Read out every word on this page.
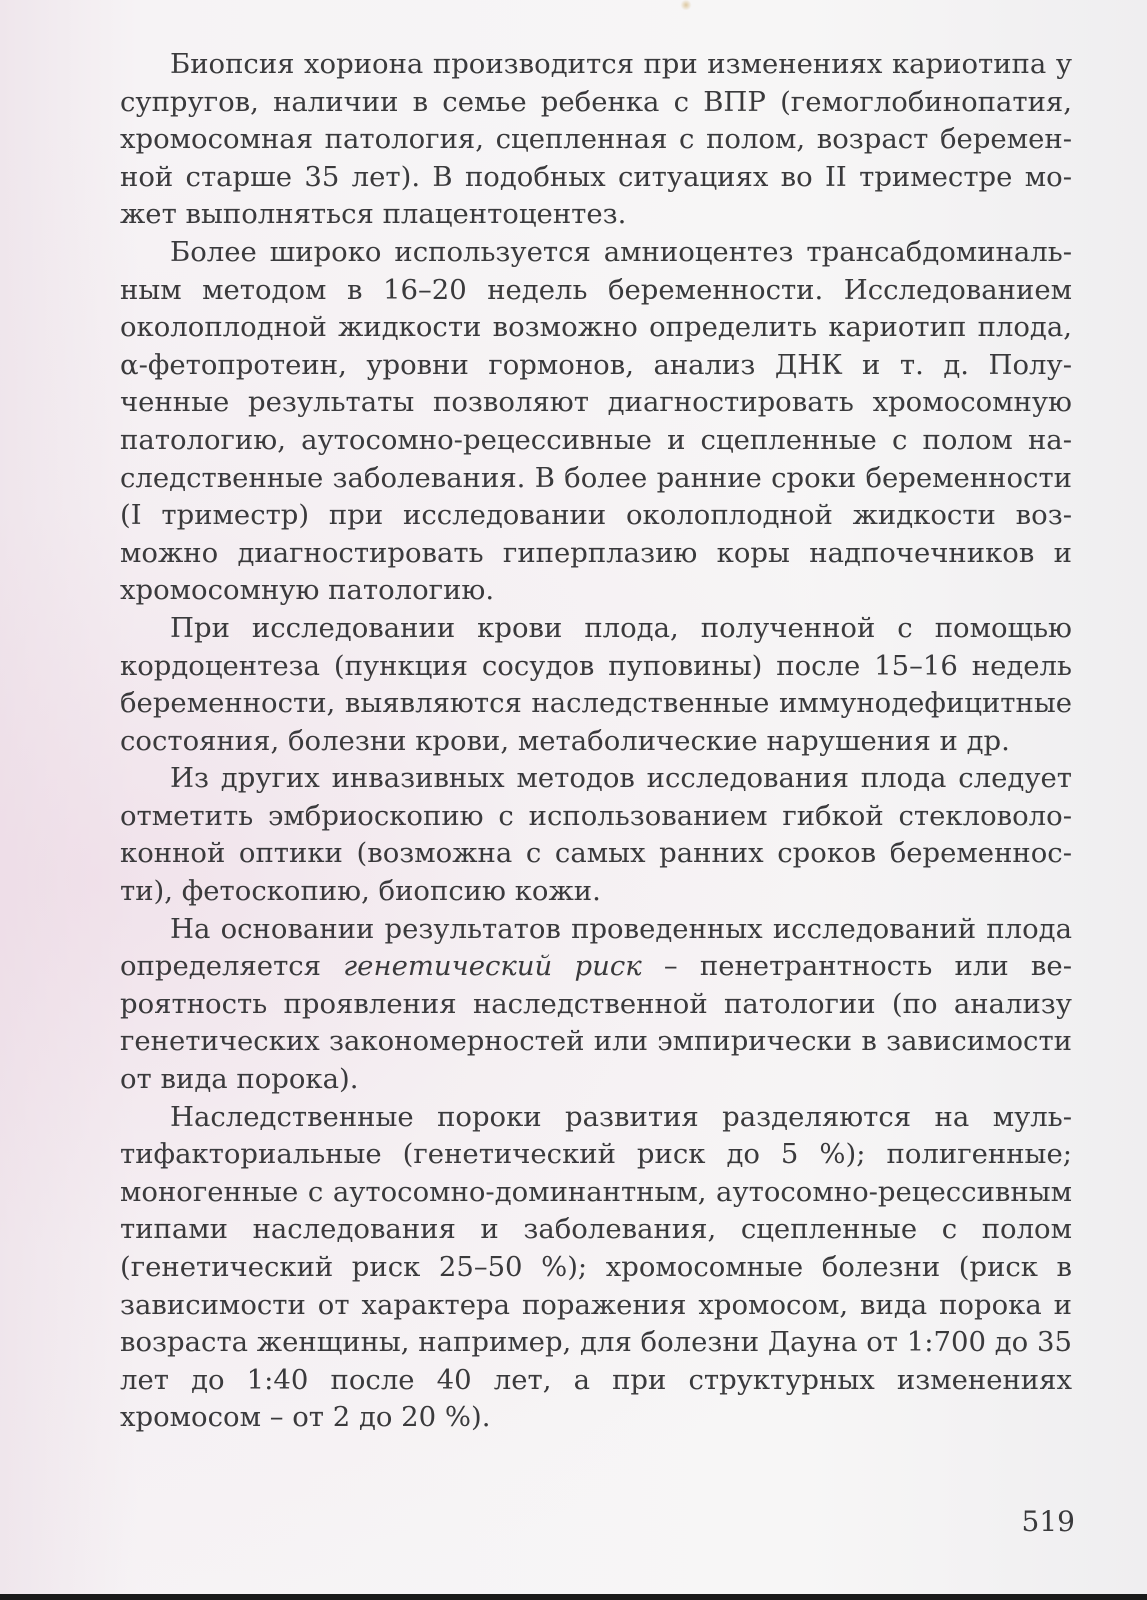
Биопсия хориона производится при изменениях кариотипа у супругов, наличии в семье ребенка с ВПР (гемоглобинопатия, хромосомная патология, сцепленная с полом, возраст беременной старше 35 лет). В подобных ситуациях во II триместре может выполняться плацентоцентез.

Более широко используется амниоцентез трансабдоминальным методом в 16–20 недель беременности. Исследованием околоплодной жидкости возможно определить кариотип плода, α-фетопротеин, уровни гормонов, анализ ДНК и т. д. Полученные результаты позволяют диагностировать хромосомную патологию, аутосомно-рецессивные и сцепленные с полом наследственные заболевания. В более ранние сроки беременности (I триместр) при исследовании околоплодной жидкости возможно диагностировать гиперплазию коры надпочечников и хромосомную патологию.

При исследовании крови плода, полученной с помощью кордоцентеза (пункция сосудов пуповины) после 15–16 недель беременности, выявляются наследственные иммунодефицитные состояния, болезни крови, метаболические нарушения и др.

Из других инвазивных методов исследования плода следует отметить эмбриоскопию с использованием гибкой стекловолоконной оптики (возможна с самых ранних сроков беременности), фетоскопию, биопсию кожи.

На основании результатов проведенных исследований плода определяется генетический риск – пенетрантность или вероятность проявления наследственной патологии (по анализу генетических закономерностей или эмпирически в зависимости от вида порока).

Наследственные пороки развития разделяются на мультифакториальные (генетический риск до 5 %); полигенные; моногенные с аутосомно-доминантным, аутосомно-рецессивным типами наследования и заболевания, сцепленные с полом (генетический риск 25–50 %); хромосомные болезни (риск в зависимости от характера поражения хромосом, вида порока и возраста женщины, например, для болезни Дауна от 1:700 до 35 лет до 1:40 после 40 лет, а при структурных изменениях хромосом – от 2 до 20 %).

519
